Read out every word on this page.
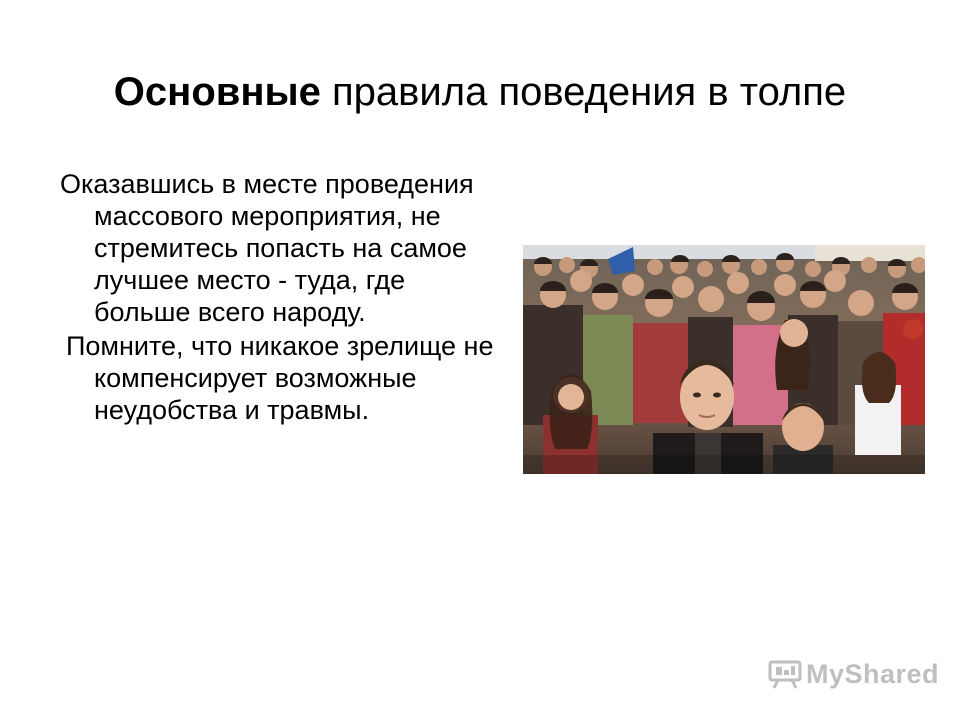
Основные правила поведения в толпе

Оказавшись в месте проведения массового мероприятия, не стремитесь попасть на самое лучшее место - туда, где больше всего народу.

Помните, что никакое зрелище не компенсирует возможные неудобства и травмы.

MyShared
